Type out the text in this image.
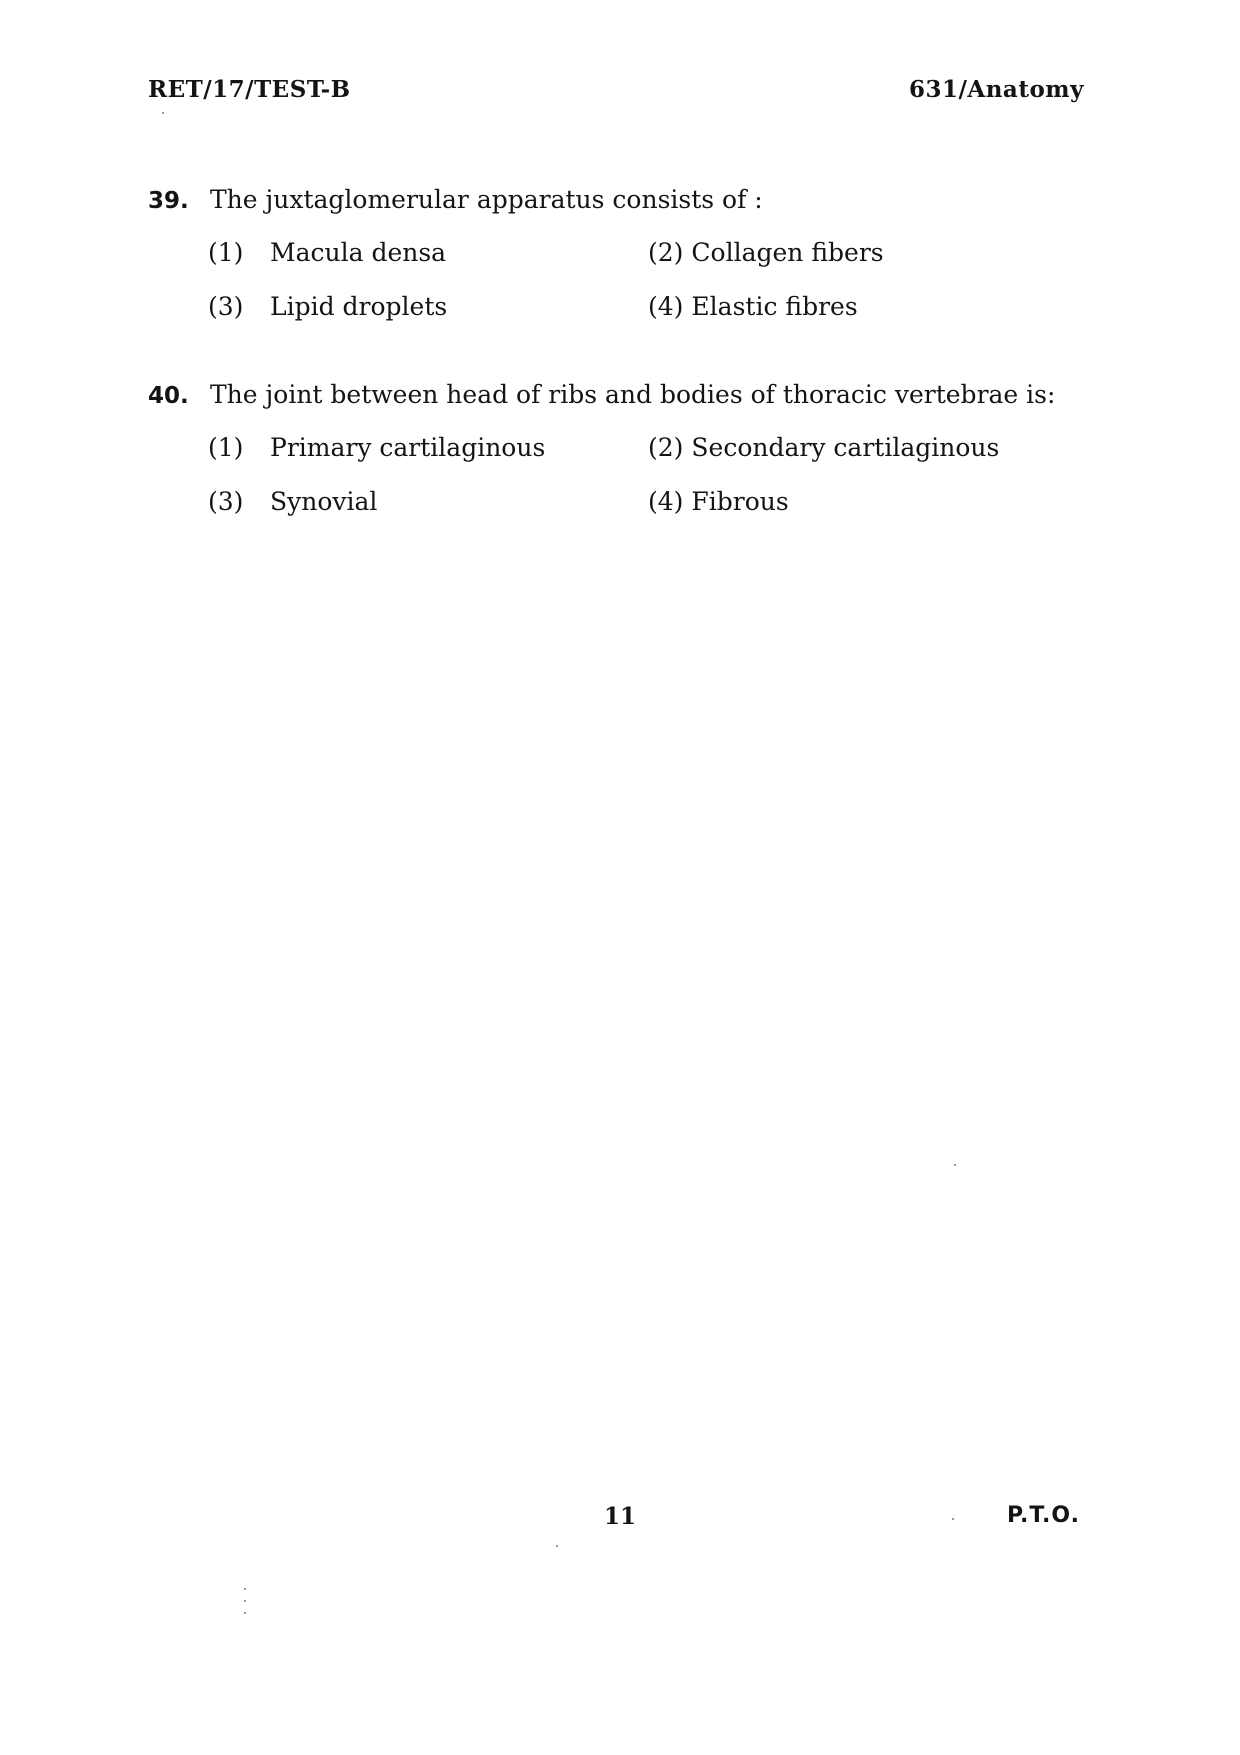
RET/17/TEST-B	631/Anatomy
39. The juxtaglomerular apparatus consists of :
(1)	Macula densa	(2) Collagen fibers
(3)	Lipid droplets	(4) Elastic fibres
40. The joint between head of ribs and bodies of thoracic vertebrae is:
(1)	Primary cartilaginous	(2) Secondary cartilaginous
(3)	Synovial	(4) Fibrous
11	P.T.O.
